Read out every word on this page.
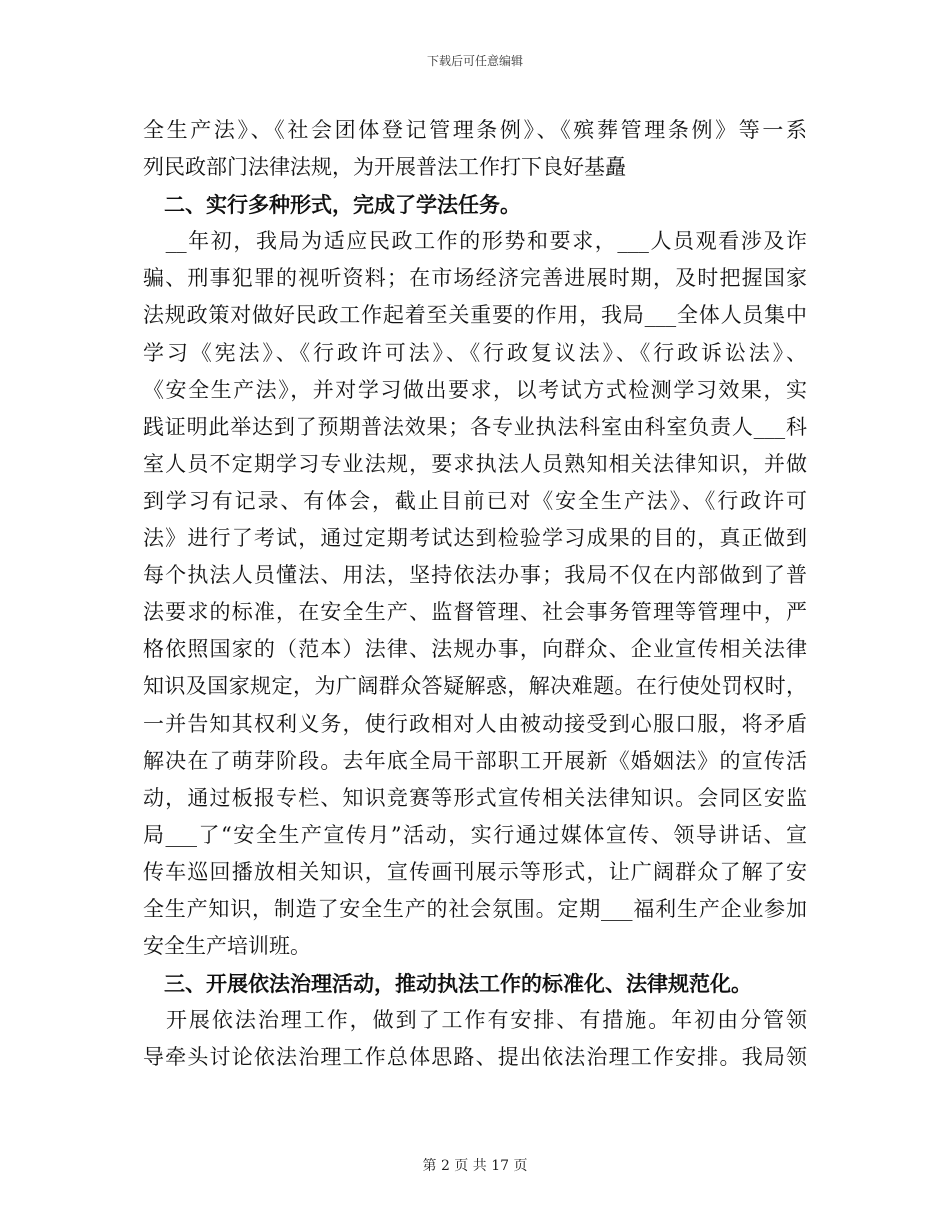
下载后可任意编辑
全生产法》、《社会团体登记管理条例》、《殡葬管理条例》等一系
列民政部门法律法规，为开展普法工作打下良好基矗
　二、实行多种形式，完成了学法任务。
　__年初，我局为适应民政工作的形势和要求，___人员观看涉及诈
骗、刑事犯罪的视听资料；在市场经济完善进展时期，及时把握国家
法规政策对做好民政工作起着至关重要的作用，我局___全体人员集中
学习《宪法》、《行政许可法》、《行政复议法》、《行政诉讼法》、
《安全生产法》，并对学习做出要求，以考试方式检测学习效果，实
践证明此举达到了预期普法效果；各专业执法科室由科室负责人___科
室人员不定期学习专业法规，要求执法人员熟知相关法律知识，并做
到学习有记录、有体会，截止目前已对《安全生产法》、《行政许可
法》进行了考试，通过定期考试达到检验学习成果的目的，真正做到
每个执法人员懂法、用法，坚持依法办事；我局不仅在内部做到了普
法要求的标准，在安全生产、监督管理、社会事务管理等管理中，严
格依照国家的（范本）法律、法规办事，向群众、企业宣传相关法律
知识及国家规定，为广阔群众答疑解惑，解决难题。在行使处罚权时，
一并告知其权利义务，使行政相对人由被动接受到心服口服，将矛盾
解决在了萌芽阶段。去年底全局干部职工开展新《婚姻法》的宣传活
动，通过板报专栏、知识竞赛等形式宣传相关法律知识。会同区安监
局___了“安全生产宣传月”活动，实行通过媒体宣传、领导讲话、宣
传车巡回播放相关知识，宣传画刊展示等形式，让广阔群众了解了安
全生产知识，制造了安全生产的社会氛围。定期___福利生产企业参加
安全生产培训班。
　三、开展依法治理活动，推动执法工作的标准化、法律规范化。
　开展依法治理工作，做到了工作有安排、有措施。年初由分管领
导牵头讨论依法治理工作总体思路、提出依法治理工作安排。我局领
第 2 页 共 17 页
